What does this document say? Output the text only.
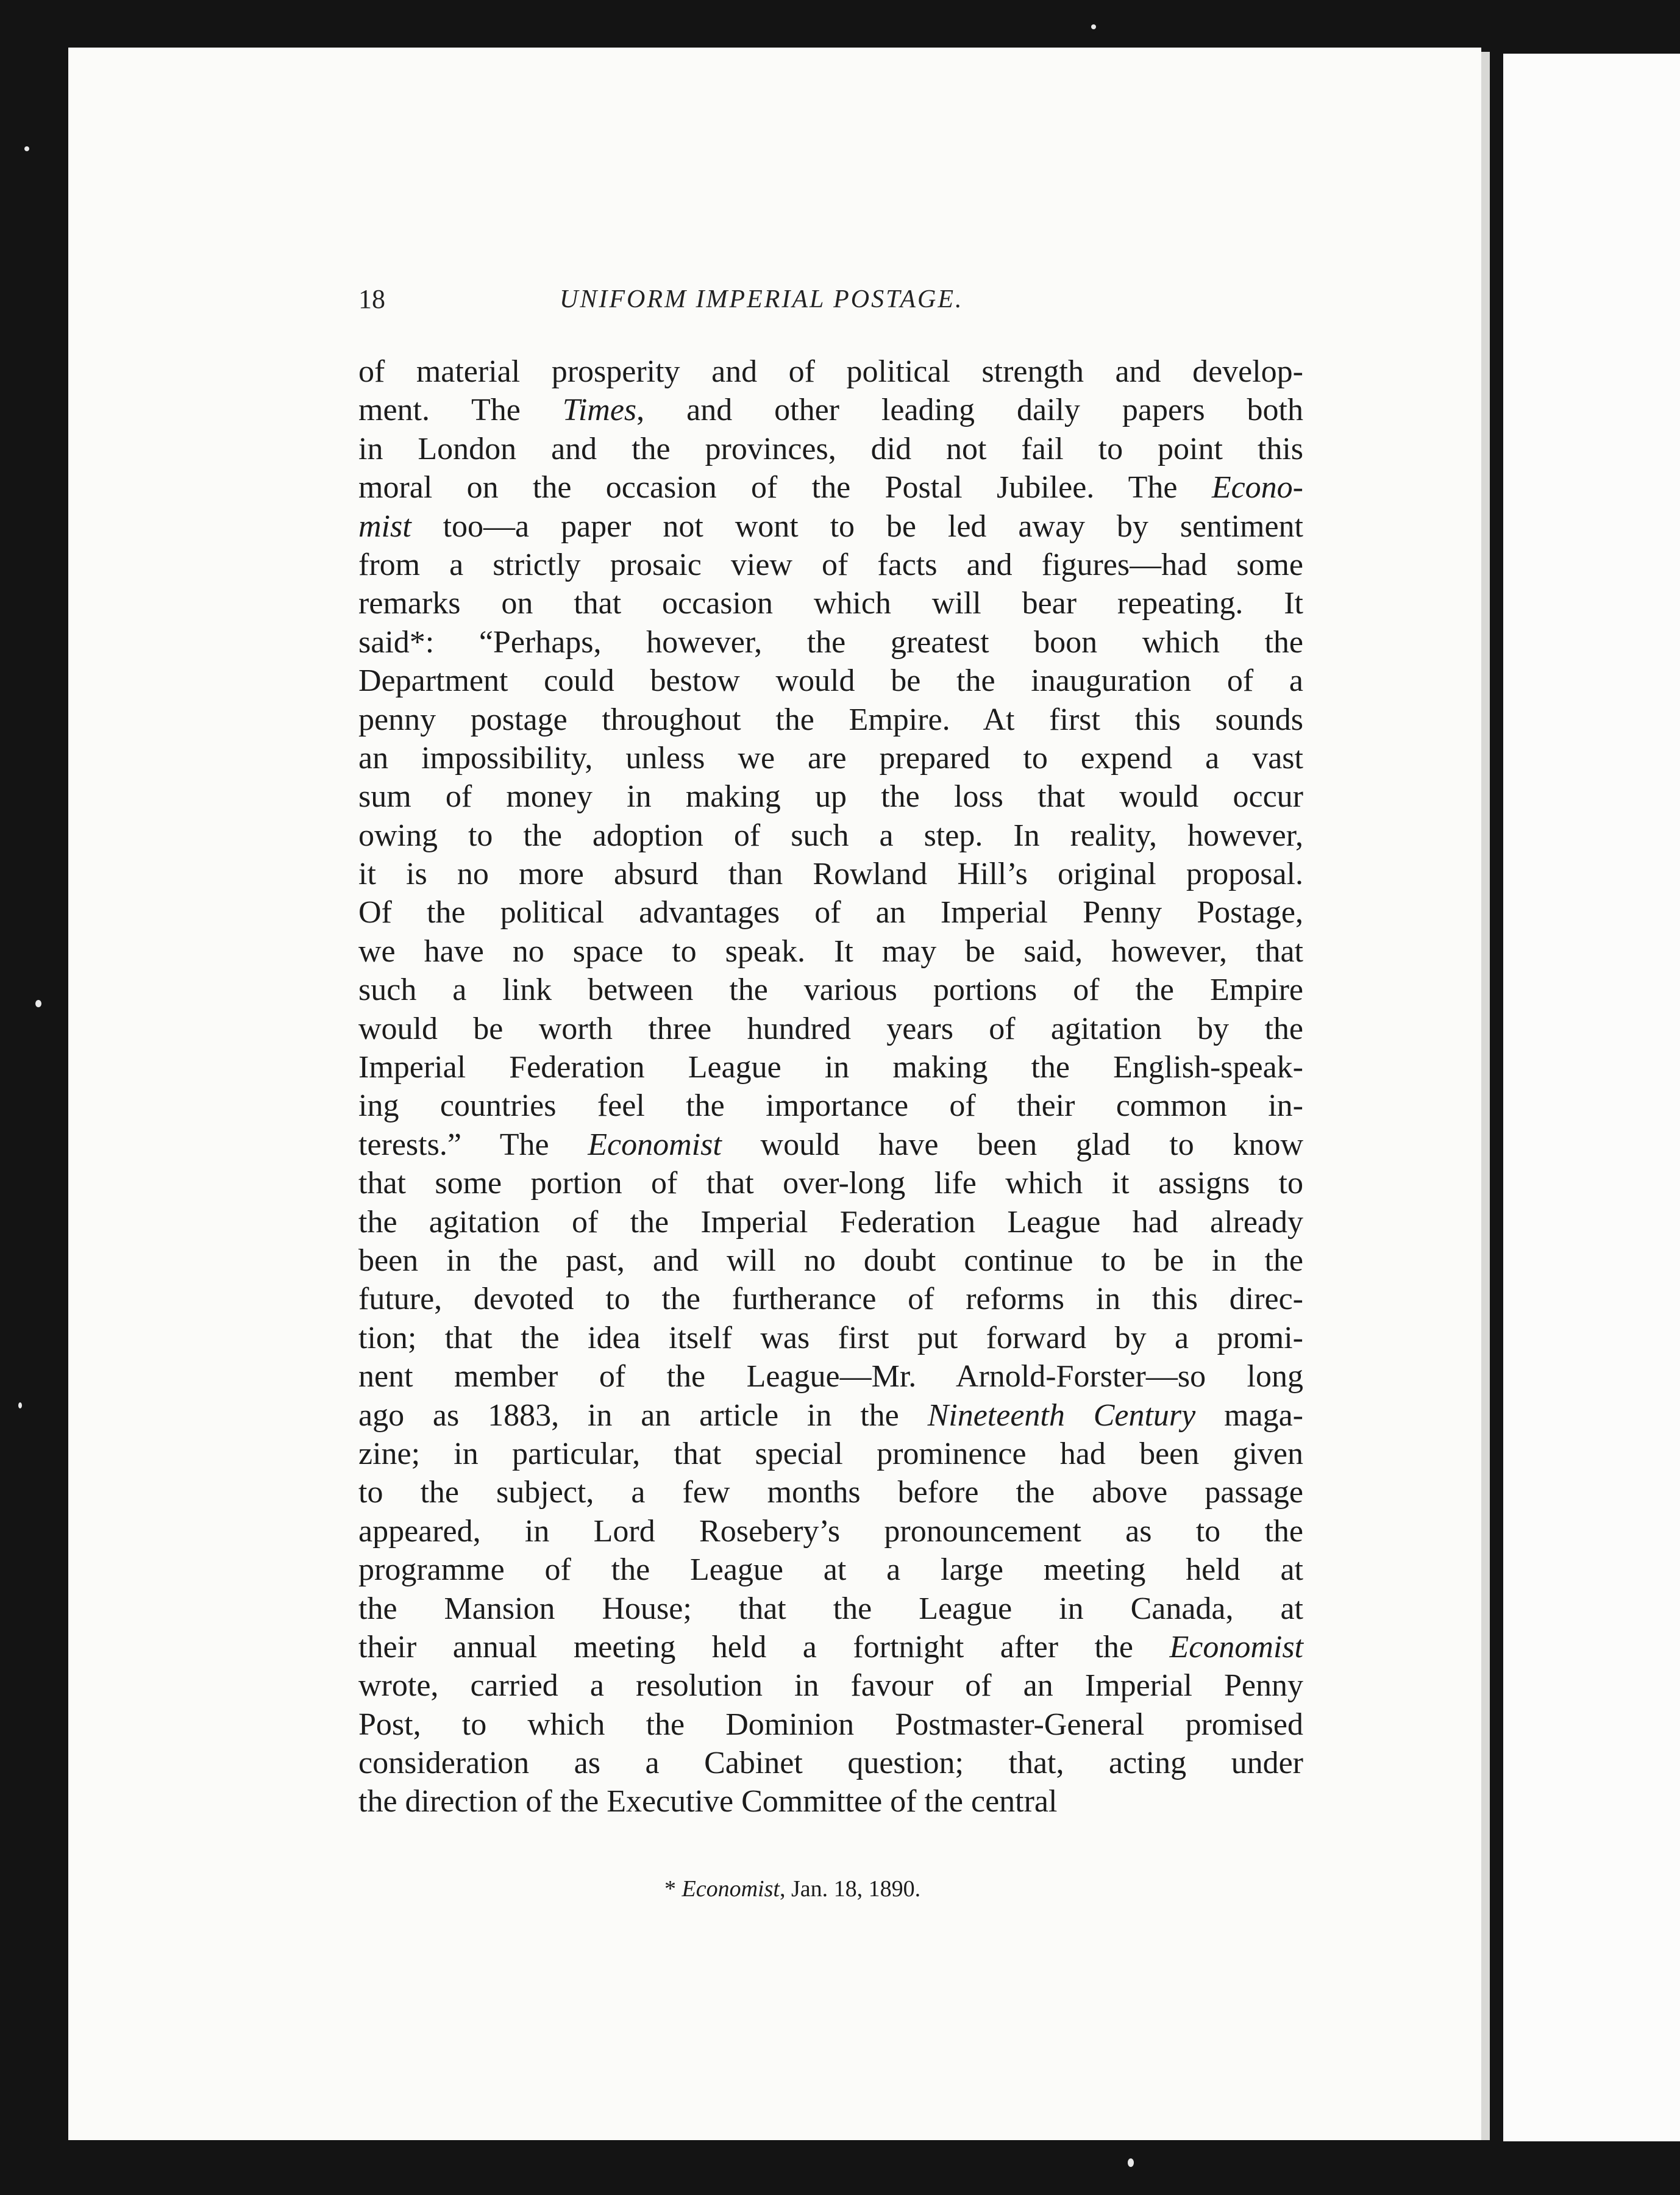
18	UNIFORM IMPERIAL POSTAGE.
of material prosperity and of political strength and develop-
ment. The Times, and other leading daily papers both
in London and the provinces, did not fail to point this
moral on the occasion of the Postal Jubilee. The Econo-
mist too—a paper not wont to be led away by sentiment
from a strictly prosaic view of facts and figures—had some
remarks on that occasion which will bear repeating. It
said*: “Perhaps, however, the greatest boon which the
Department could bestow would be the inauguration of a
penny postage throughout the Empire. At first this sounds
an impossibility, unless we are prepared to expend a vast
sum of money in making up the loss that would occur
owing to the adoption of such a step. In reality, however,
it is no more absurd than Rowland Hill’s original proposal.
Of the political advantages of an Imperial Penny Postage,
we have no space to speak. It may be said, however, that
such a link between the various portions of the Empire
would be worth three hundred years of agitation by the
Imperial Federation League in making the English-speak-
ing countries feel the importance of their common in-
terests.” The Economist would have been glad to know
that some portion of that over-long life which it assigns to
the agitation of the Imperial Federation League had already
been in the past, and will no doubt continue to be in the
future, devoted to the furtherance of reforms in this direc-
tion; that the idea itself was first put forward by a promi-
nent member of the League—Mr. Arnold-Forster—so long
ago as 1883, in an article in the Nineteenth Century maga-
zine; in particular, that special prominence had been given
to the subject, a few months before the above passage
appeared, in Lord Rosebery’s pronouncement as to the
programme of the League at a large meeting held at
the Mansion House; that the League in Canada, at
their annual meeting held a fortnight after the Economist
wrote, carried a resolution in favour of an Imperial Penny
Post, to which the Dominion Postmaster-General promised
consideration as a Cabinet question; that, acting under
the direction of the Executive Committee of the central
* Economist, Jan. 18, 1890.
